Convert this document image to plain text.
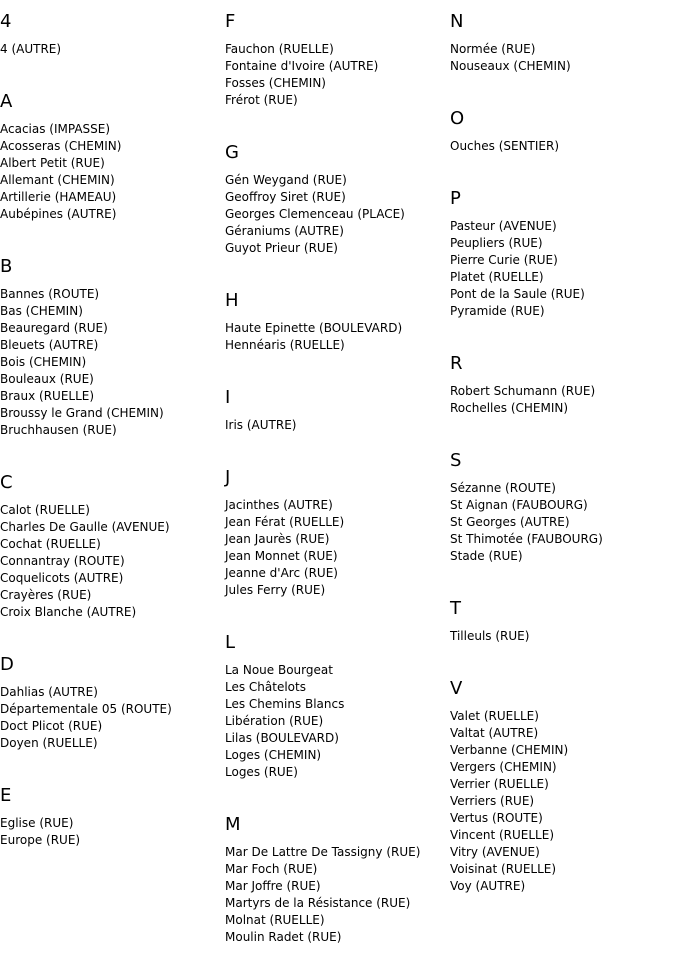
4
4 (AUTRE)
A
Acacias (IMPASSE)
Acosseras (CHEMIN)
Albert Petit (RUE)
Allemant (CHEMIN)
Artillerie (HAMEAU)
Aubépines (AUTRE)
B
Bannes (ROUTE)
Bas (CHEMIN)
Beauregard (RUE)
Bleuets (AUTRE)
Bois (CHEMIN)
Bouleaux (RUE)
Braux (RUELLE)
Broussy le Grand (CHEMIN)
Bruchhausen (RUE)
C
Calot (RUELLE)
Charles De Gaulle (AVENUE)
Cochat (RUELLE)
Connantray (ROUTE)
Coquelicots (AUTRE)
Crayères (RUE)
Croix Blanche (AUTRE)
D
Dahlias (AUTRE)
Départementale 05 (ROUTE)
Doct Plicot (RUE)
Doyen (RUELLE)
E
Eglise (RUE)
Europe (RUE)
F
Fauchon (RUELLE)
Fontaine d'Ivoire (AUTRE)
Fosses (CHEMIN)
Frérot (RUE)
G
Gén Weygand (RUE)
Geoffroy Siret (RUE)
Georges Clemenceau (PLACE)
Géraniums (AUTRE)
Guyot Prieur (RUE)
H
Haute Epinette (BOULEVARD)
Hennéaris (RUELLE)
I
Iris (AUTRE)
J
Jacinthes (AUTRE)
Jean Férat (RUELLE)
Jean Jaurès (RUE)
Jean Monnet (RUE)
Jeanne d'Arc (RUE)
Jules Ferry (RUE)
L
La Noue Bourgeat
Les Châtelots
Les Chemins Blancs
Libération (RUE)
Lilas (BOULEVARD)
Loges (CHEMIN)
Loges (RUE)
M
Mar De Lattre De Tassigny (RUE)
Mar Foch (RUE)
Mar Joffre (RUE)
Martyrs de la Résistance (RUE)
Molnat (RUELLE)
Moulin Radet (RUE)
N
Normée (RUE)
Nouseaux (CHEMIN)
O
Ouches (SENTIER)
P
Pasteur (AVENUE)
Peupliers (RUE)
Pierre Curie (RUE)
Platet (RUELLE)
Pont de la Saule (RUE)
Pyramide (RUE)
R
Robert Schumann (RUE)
Rochelles (CHEMIN)
S
Sézanne (ROUTE)
St Aignan (FAUBOURG)
St Georges (AUTRE)
St Thimotée (FAUBOURG)
Stade (RUE)
T
Tilleuls (RUE)
V
Valet (RUELLE)
Valtat (AUTRE)
Verbanne (CHEMIN)
Vergers (CHEMIN)
Verrier (RUELLE)
Verriers (RUE)
Vertus (ROUTE)
Vincent (RUELLE)
Vitry (AVENUE)
Voisinat (RUELLE)
Voy (AUTRE)
